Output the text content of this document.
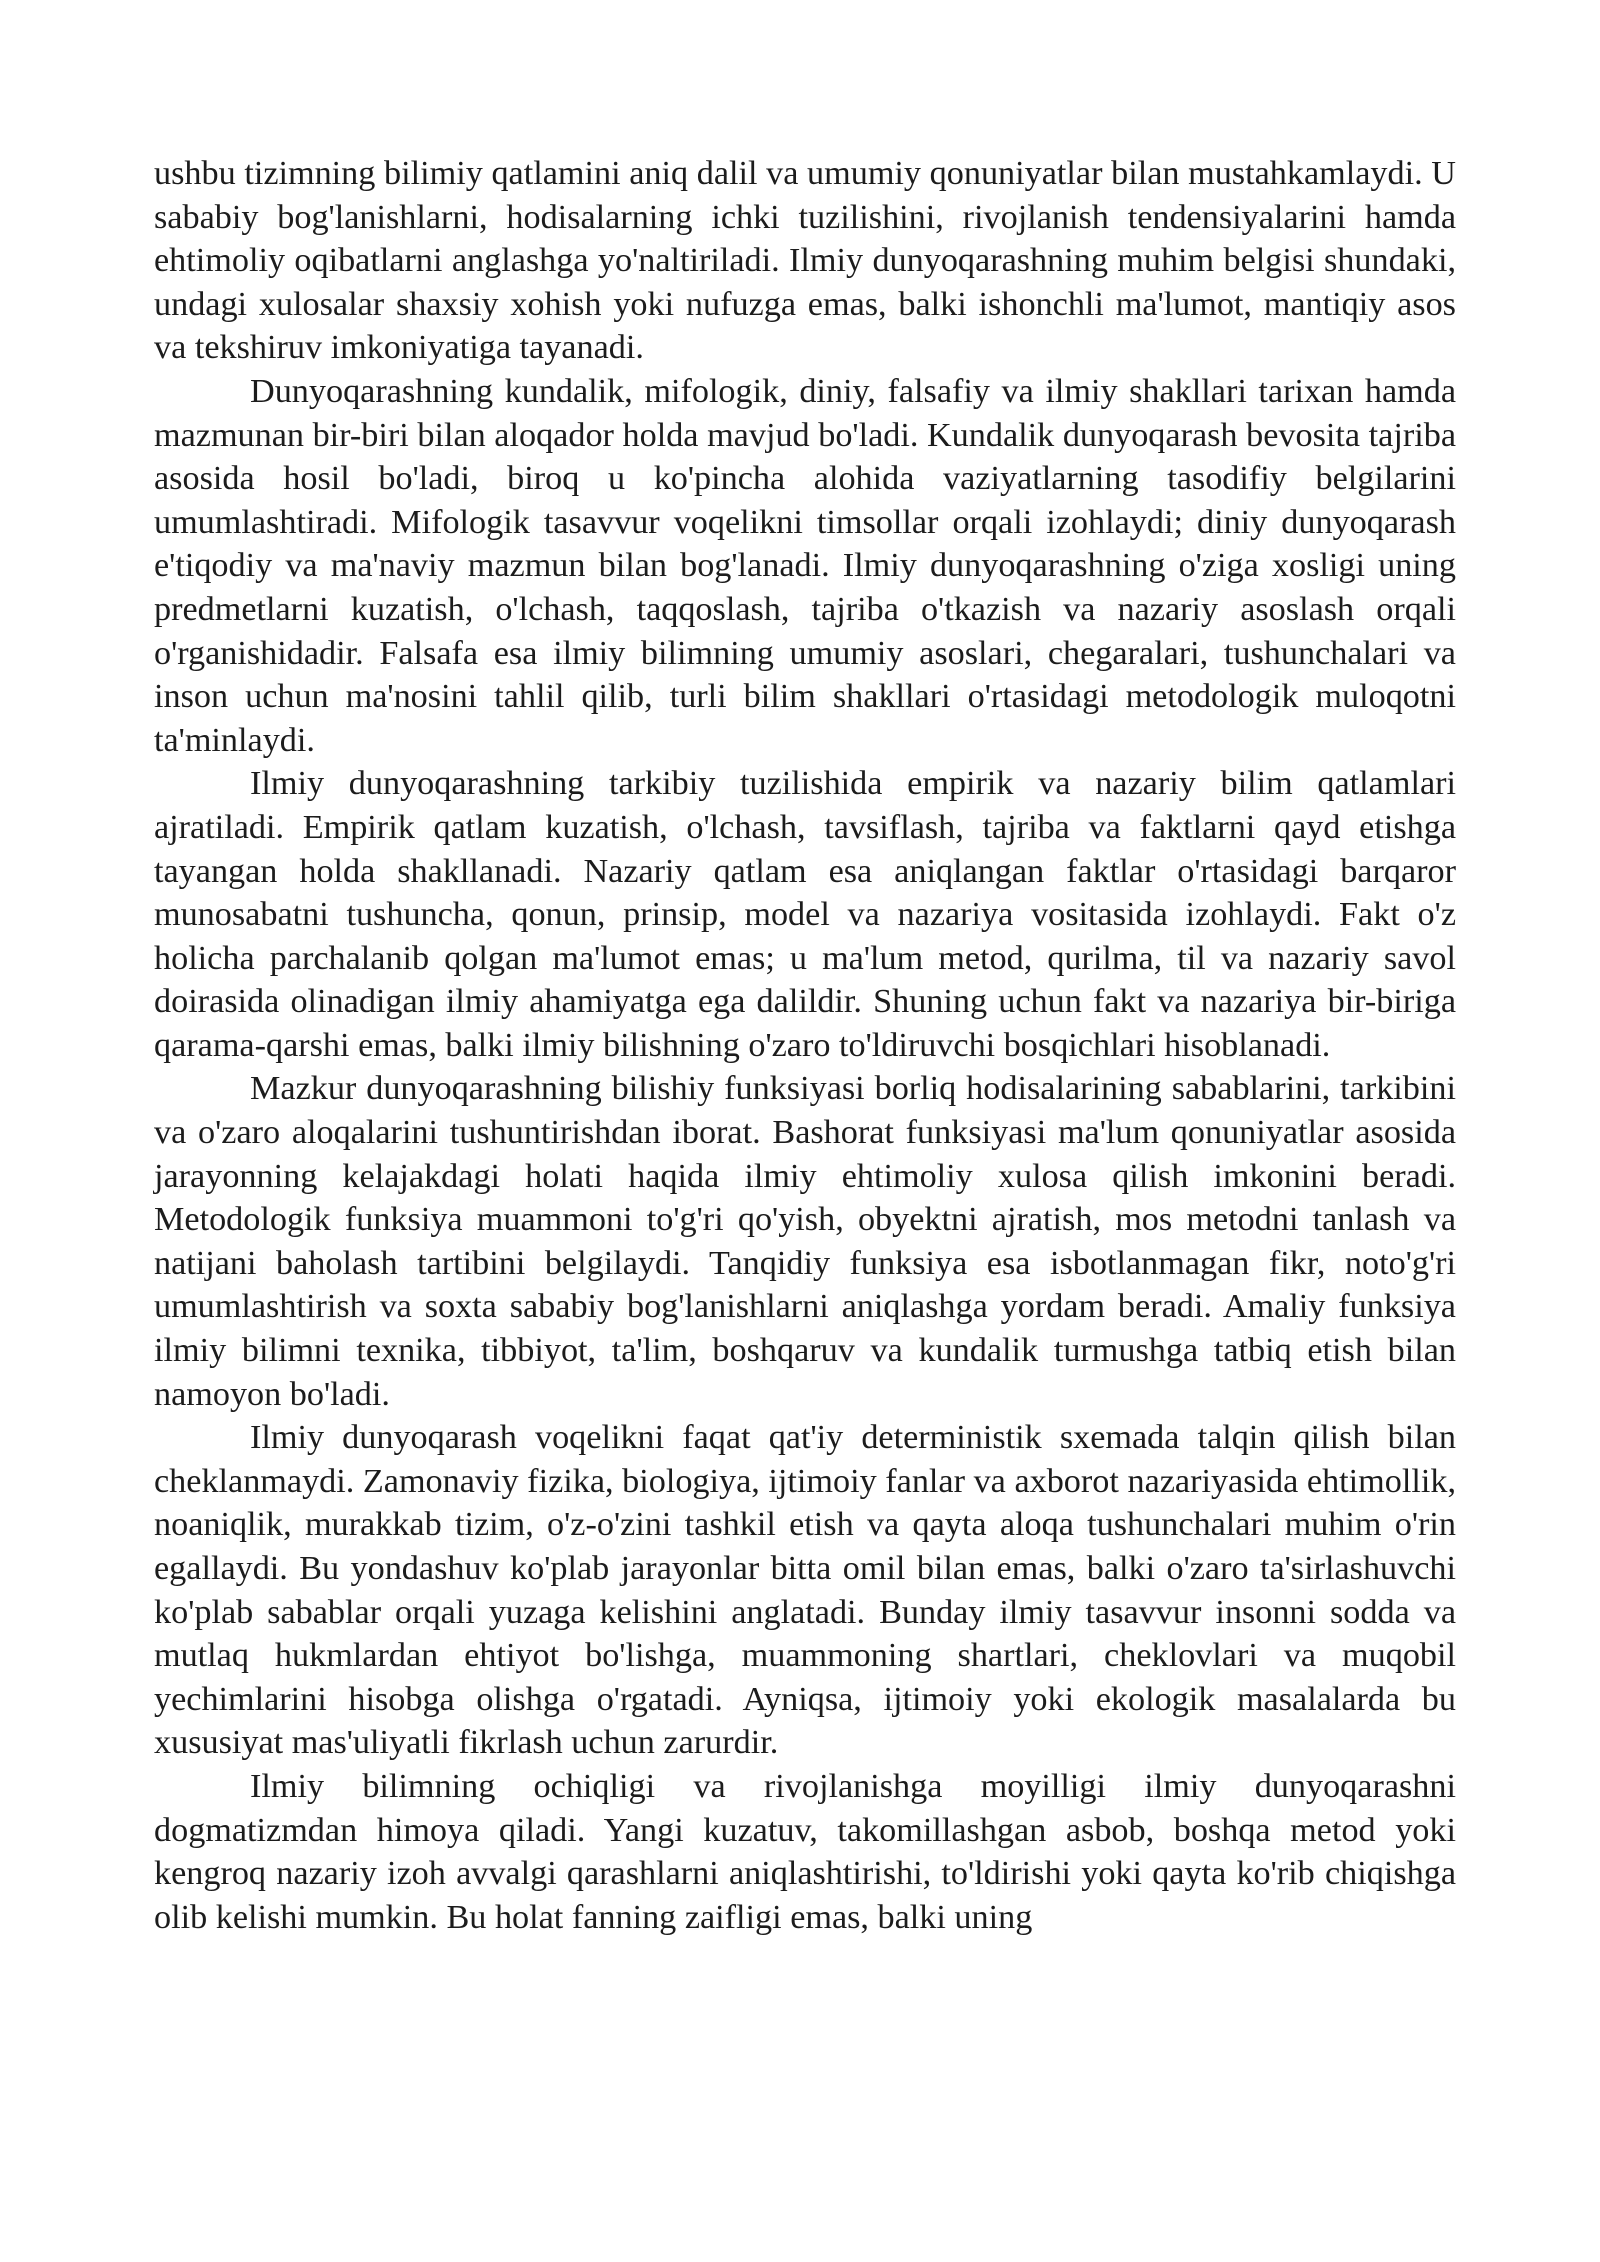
ushbu tizimning bilimiy qatlamini aniq dalil va umumiy qonuniyatlar bilan mustahkamlaydi. U sababiy bog'lanishlarni, hodisalarning ichki tuzilishini, rivojlanish tendensiyalarini hamda ehtimoliy oqibatlarni anglashga yo'naltiriladi. Ilmiy dunyoqarashning muhim belgisi shundaki, undagi xulosalar shaxsiy xohish yoki nufuzga emas, balki ishonchli ma'lumot, mantiqiy asos va tekshiruv imkoniyatiga tayanadi.

Dunyoqarashning kundalik, mifologik, diniy, falsafiy va ilmiy shakllari tarixan hamda mazmunan bir-biri bilan aloqador holda mavjud bo'ladi. Kundalik dunyoqarash bevosita tajriba asosida hosil bo'ladi, biroq u ko'pincha alohida vaziyatlarning tasodifiy belgilarini umumlashtiradi. Mifologik tasavvur voqelikni timsollar orqali izohlaydi; diniy dunyoqarash e'tiqodiy va ma'naviy mazmun bilan bog'lanadi. Ilmiy dunyoqarashning o'ziga xosligi uning predmetlarni kuzatish, o'lchash, taqqoslash, tajriba o'tkazish va nazariy asoslash orqali o'rganishidadir. Falsafa esa ilmiy bilimning umumiy asoslari, chegaralari, tushunchalari va inson uchun ma'nosini tahlil qilib, turli bilim shakllari o'rtasidagi metodologik muloqotni ta'minlaydi.

Ilmiy dunyoqarashning tarkibiy tuzilishida empirik va nazariy bilim qatlamlari ajratiladi. Empirik qatlam kuzatish, o'lchash, tavsiflash, tajriba va faktlarni qayd etishga tayangan holda shakllanadi. Nazariy qatlam esa aniqlangan faktlar o'rtasidagi barqaror munosabatni tushuncha, qonun, prinsip, model va nazariya vositasida izohlaydi. Fakt o'z holicha parchalanib qolgan ma'lumot emas; u ma'lum metod, qurilma, til va nazariy savol doirasida olinadigan ilmiy ahamiyatga ega dalildir. Shuning uchun fakt va nazariya bir-biriga qarama-qarshi emas, balki ilmiy bilishning o'zaro to'ldiruvchi bosqichlari hisoblanadi.

Mazkur dunyoqarashning bilishiy funksiyasi borliq hodisalarining sabablarini, tarkibini va o'zaro aloqalarini tushuntirishdan iborat. Bashorat funksiyasi ma'lum qonuniyatlar asosida jarayonning kelajakdagi holati haqida ilmiy ehtimoliy xulosa qilish imkonini beradi. Metodologik funksiya muammoni to'g'ri qo'yish, obyektni ajratish, mos metodni tanlash va natijani baholash tartibini belgilaydi. Tanqidiy funksiya esa isbotlanmagan fikr, noto'g'ri umumlashtirish va soxta sababiy bog'lanishlarni aniqlashga yordam beradi. Amaliy funksiya ilmiy bilimni texnika, tibbiyot, ta'lim, boshqaruv va kundalik turmushga tatbiq etish bilan namoyon bo'ladi.

Ilmiy dunyoqarash voqelikni faqat qat'iy deterministik sxemada talqin qilish bilan cheklanmaydi. Zamonaviy fizika, biologiya, ijtimoiy fanlar va axborot nazariyasida ehtimollik, noaniqlik, murakkab tizim, o'z-o'zini tashkil etish va qayta aloqa tushunchalari muhim o'rin egallaydi. Bu yondashuv ko'plab jarayonlar bitta omil bilan emas, balki o'zaro ta'sirlashuvchi ko'plab sabablar orqali yuzaga kelishini anglatadi. Bunday ilmiy tasavvur insonni sodda va mutlaq hukmlardan ehtiyot bo'lishga, muammoning shartlari, cheklovlari va muqobil yechimlarini hisobga olishga o'rgatadi. Ayniqsa, ijtimoiy yoki ekologik masalalarda bu xususiyat mas'uliyatli fikrlash uchun zarurdir.

Ilmiy bilimning ochiqligi va rivojlanishga moyilligi ilmiy dunyoqarashni dogmatizmdan himoya qiladi. Yangi kuzatuv, takomillashgan asbob, boshqa metod yoki kengroq nazariy izoh avvalgi qarashlarni aniqlashtirishi, to'ldirishi yoki qayta ko'rib chiqishga olib kelishi mumkin. Bu holat fanning zaifligi emas, balki uning
